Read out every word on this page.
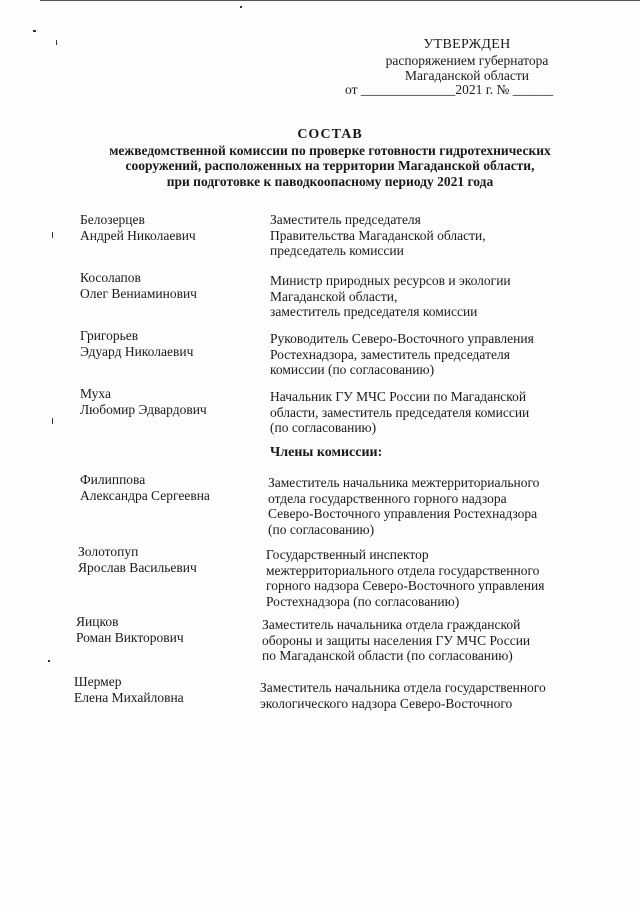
УТВЕРЖДЕН
распоряжением губернатора
Магаданской области
от ______________2021 г. № ______
СОСТАВ
межведомственной комиссии по проверке готовности гидротехнических
сооружений, расположенных на территории Магаданской области,
при подготовке к паводкоопасному периоду 2021 года
Белозерцев
Андрей Николаевич
Заместитель председателя
Правительства Магаданской области,
председатель комиссии
Косолапов
Олег Вениаминович
Министр природных ресурсов и экологии
Магаданской области,
заместитель председателя комиссии
Григорьев
Эдуард Николаевич
Руководитель Северо-Восточного управления
Ростехнадзора, заместитель председателя
комиссии (по согласованию)
Муха
Любомир Эдвардович
Начальник ГУ МЧС России по Магаданской
области, заместитель председателя комиссии
(по согласованию)
Члены комиссии:
Филиппова
Александра Сергеевна
Заместитель начальника межтерриториального
отдела государственного горного надзора
Северо-Восточного управления Ростехнадзора
(по согласованию)
Золотопуп
Ярослав Васильевич
Государственный инспектор
межтерриториального отдела государственного
горного надзора Северо-Восточного управления
Ростехнадзора (по согласованию)
Яицков
Роман Викторович
Заместитель начальника отдела гражданской
обороны и защиты населения ГУ МЧС России
по Магаданской области (по согласованию)
Шермер
Елена Михайловна
Заместитель начальника отдела государственного
экологического надзора Северо-Восточного
